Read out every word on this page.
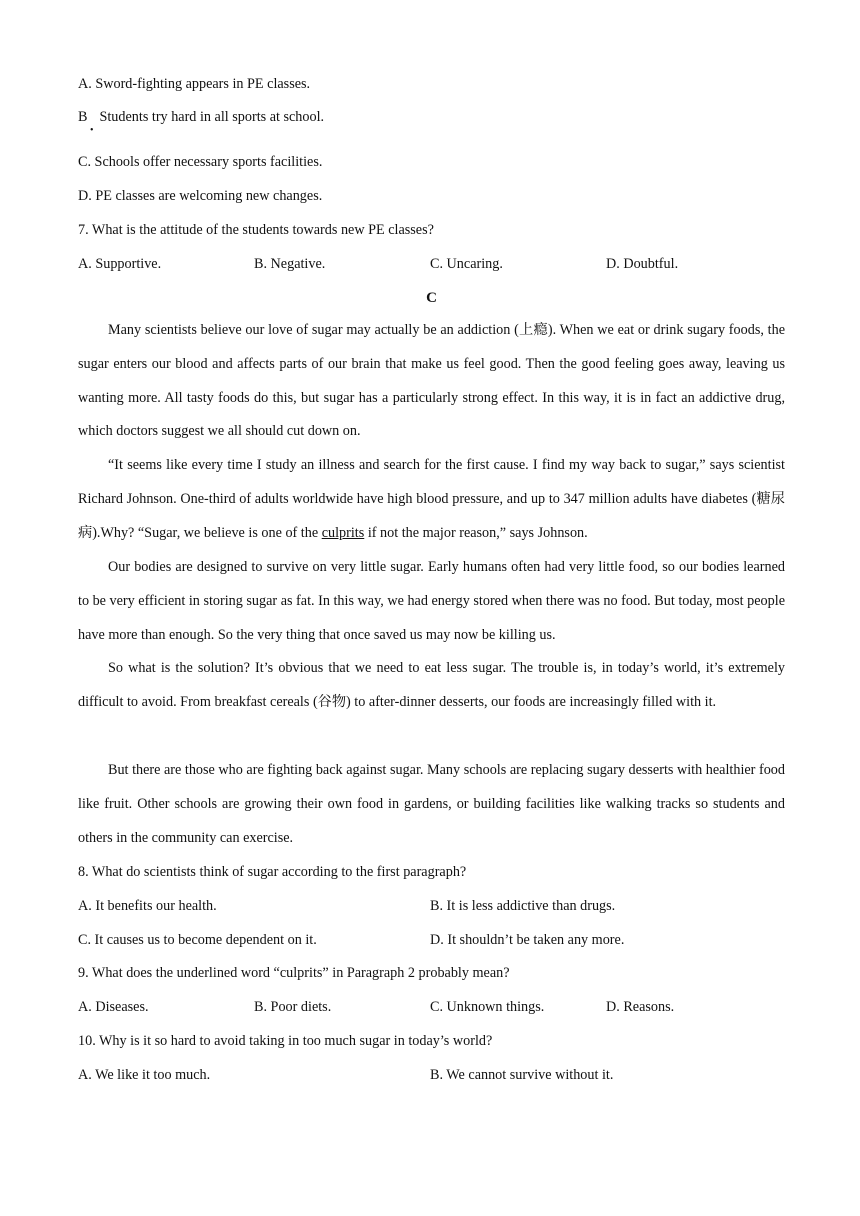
A. Sword-fighting appears in PE classes.
B Students try hard in all sports at school.
•
C. Schools offer necessary sports facilities.
D. PE classes are welcoming new changes.
7. What is the attitude of the students towards new PE classes?
A. Supportive.	B. Negative.	C. Uncaring.	D. Doubtful.
C
Many scientists believe our love of sugar may actually be an addiction (上瘾). When we eat or drink sugary foods, the sugar enters our blood and affects parts of our brain that make us feel good. Then the good feeling goes away, leaving us wanting more. All tasty foods do this, but sugar has a particularly strong effect. In this way, it is in fact an addictive drug, which doctors suggest we all should cut down on.
“It seems like every time I study an illness and search for the first cause. I find my way back to sugar,” says scientist Richard Johnson. One-third of adults worldwide have high blood pressure, and up to 347 million adults have diabetes (糖尿病).Why? “Sugar, we believe is one of the culprits if not the major reason,” says Johnson.
Our bodies are designed to survive on very little sugar. Early humans often had very little food, so our bodies learned to be very efficient in storing sugar as fat. In this way, we had energy stored when there was no food. But today, most people have more than enough. So the very thing that once saved us may now be killing us.
So what is the solution? It’s obvious that we need to eat less sugar. The trouble is, in today’s world, it’s extremely difficult to avoid. From breakfast cereals (谷物) to after-dinner desserts, our foods are increasingly filled with it.
But there are those who are fighting back against sugar. Many schools are replacing sugary desserts with healthier food like fruit. Other schools are growing their own food in gardens, or building facilities like walking tracks so students and others in the community can exercise.
8. What do scientists think of sugar according to the first paragraph?
A. It benefits our health.	B. It is less addictive than drugs.
C. It causes us to become dependent on it.	D. It shouldn’t be taken any more.
9. What does the underlined word “culprits” in Paragraph 2 probably mean?
A. Diseases.	B. Poor diets.	C. Unknown things.	D. Reasons.
10. Why is it so hard to avoid taking in too much sugar in today’s world?
A. We like it too much.	B. We cannot survive without it.
